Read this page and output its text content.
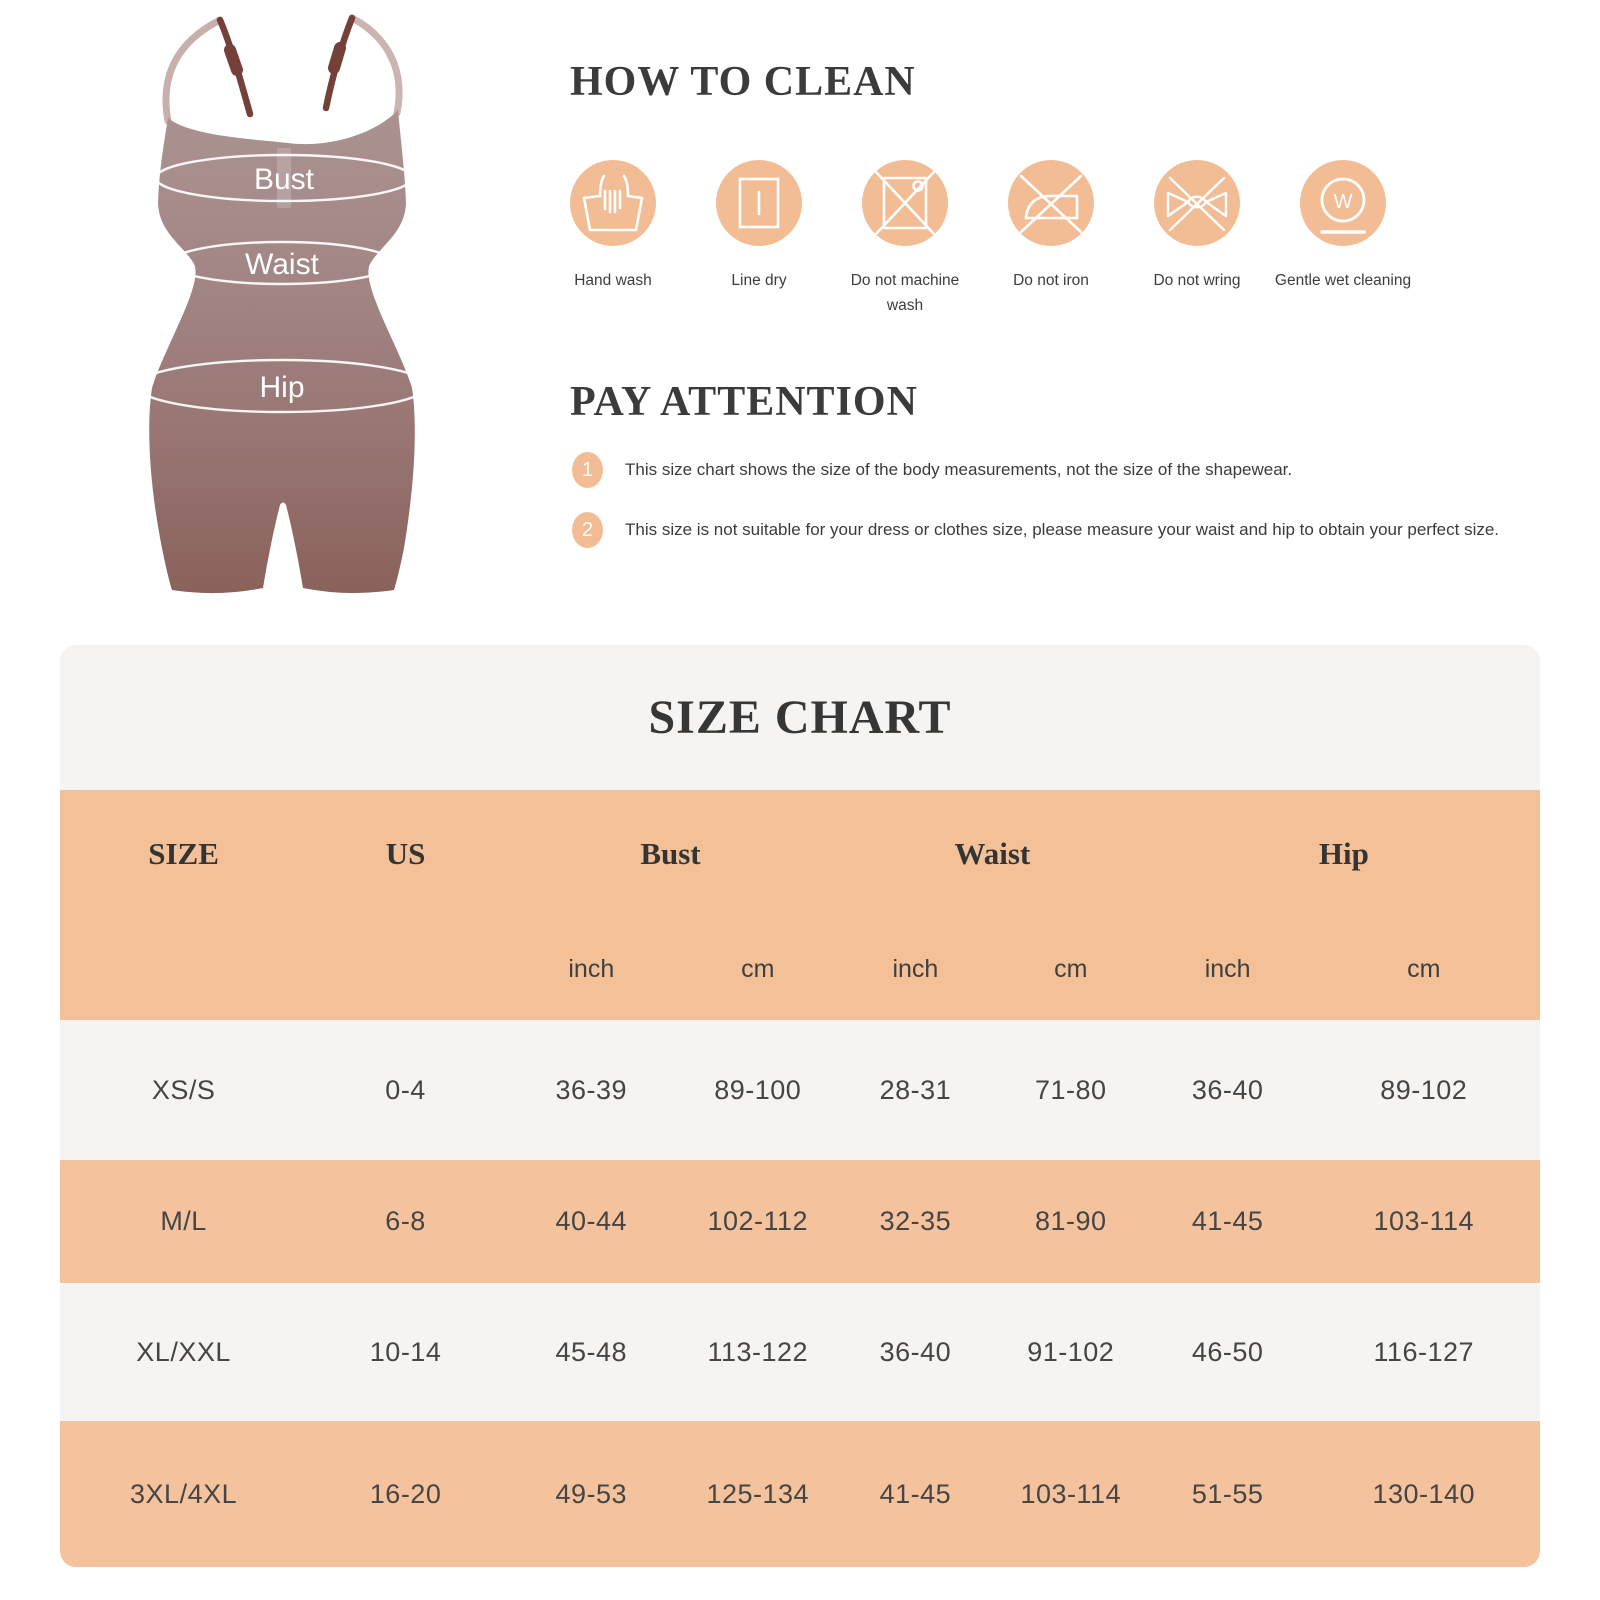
Bust
Waist
Hip
HOW TO CLEAN
Hand wash	Line dry	Do not machine wash
Do not iron	Do not wring
W
Gentle wet cleaning
PAY ATTENTION
1	This size chart shows the size of the body measurements, not the size of the shapewear.
2	This size is not suitable for your dress or clothes size, please measure your waist and hip to obtain your perfect size.
SIZE CHART
SIZE	US	Bust	Waist	Hip
inch	cm	inch	cm	inch	cm
XS/S	0-4	36-39	89-100	28-31	71-80	36-40	89-102
M/L	6-8	40-44	102-112	32-35	81-90	41-45	103-114
XL/XXL	10-14	45-48	113-122	36-40	91-102	46-50	116-127
3XL/4XL	16-20	49-53	125-134	41-45	103-114	51-55	130-140
